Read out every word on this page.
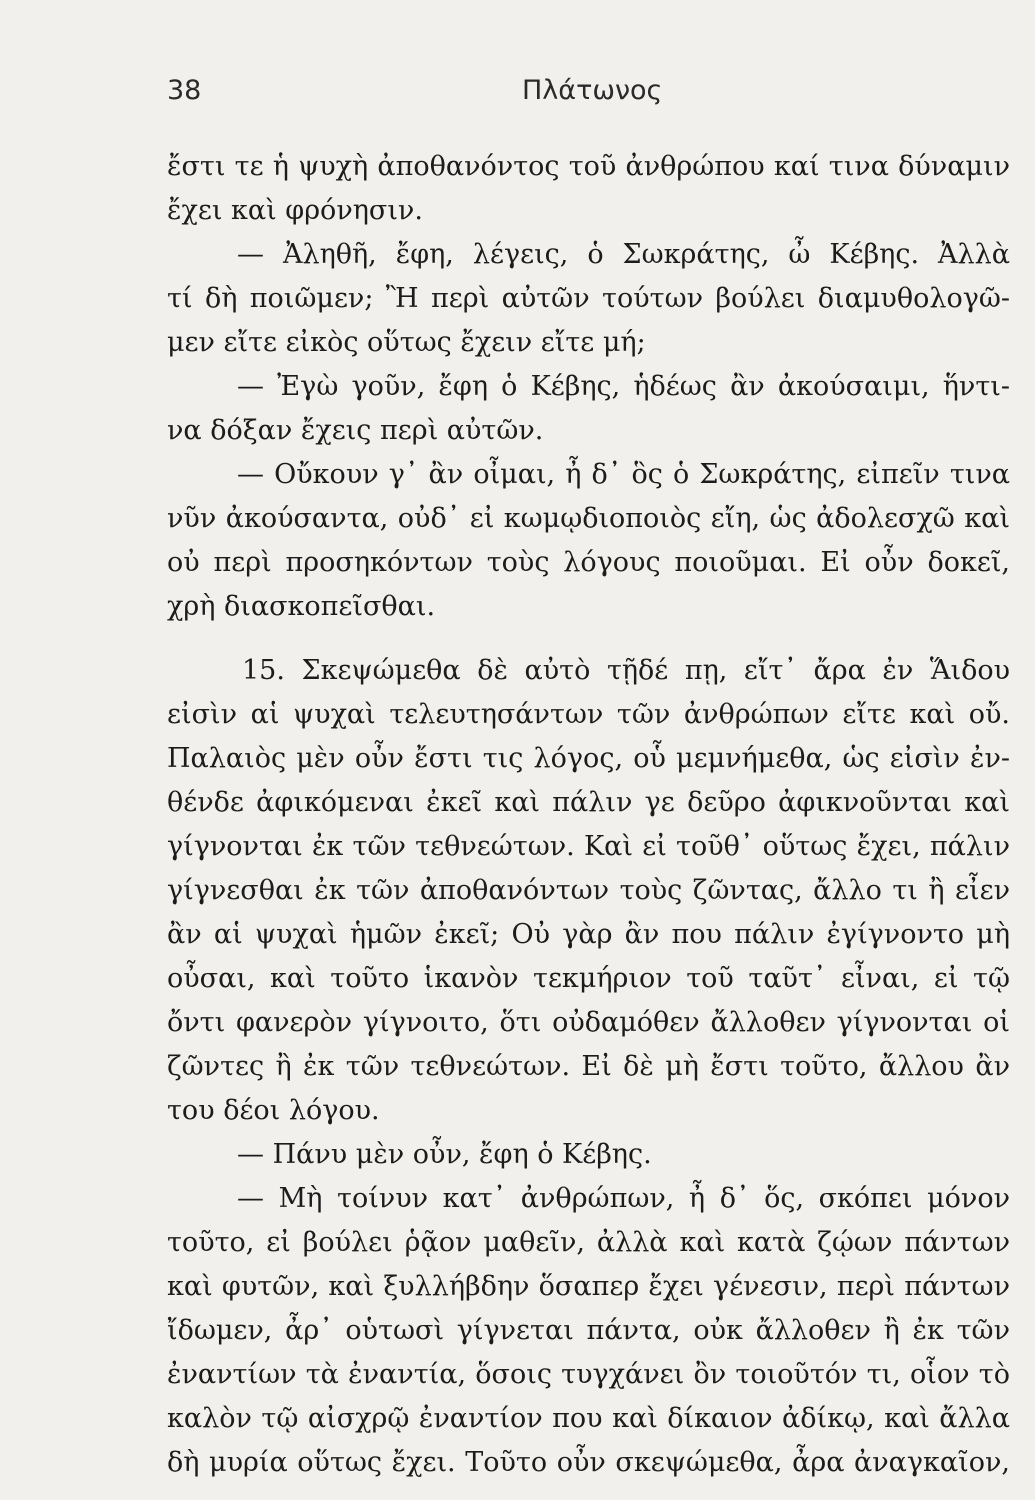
38	Πλάτωνος
ἔστι τε ἡ ψυχὴ ἀποθανόντος τοῦ ἀνθρώπου καί τινα δύναμιν
ἔχει καὶ φρόνησιν.
— Ἀληθῆ, ἔφη, λέγεις, ὁ Σωκράτης, ὦ Κέβης. Ἀλλὰ
τί δὴ ποιῶμεν; Ἢ περὶ αὐτῶν τούτων βούλει διαμυθολογῶ-
μεν εἴτε εἰκὸς οὕτως ἔχειν εἴτε μή;
— Ἐγὼ γοῦν, ἔφη ὁ Κέβης, ἡδέως ἂν ἀκούσαιμι, ἥντι-
να δόξαν ἔχεις περὶ αὐτῶν.
— Οὔκουν γ᾿ ἂν οἶμαι, ἦ δ᾿ ὃς ὁ Σωκράτης, εἰπεῖν τινα
νῦν ἀκούσαντα, οὐδ᾿ εἰ κωμῳδιοποιὸς εἴη, ὡς ἀδολεσχῶ καὶ
οὐ περὶ προσηκόντων τοὺς λόγους ποιοῦμαι. Εἰ οὖν δοκεῖ,
χρὴ διασκοπεῖσθαι.
15. Σκεψώμεθα δὲ αὐτὸ τῇδέ πῃ, εἴτ᾿ ἄρα ἐν Ἅιδου
εἰσὶν αἱ ψυχαὶ τελευτησάντων τῶν ἀνθρώπων εἴτε καὶ οὔ.
Παλαιὸς μὲν οὖν ἔστι τις λόγος, οὗ μεμνήμεθα, ὡς εἰσὶν ἐν-
θένδε ἀφικόμεναι ἐκεῖ καὶ πάλιν γε δεῦρο ἀφικνοῦνται καὶ
γίγνονται ἐκ τῶν τεθνεώτων. Καὶ εἰ τοῦθ᾿ οὕτως ἔχει, πάλιν
γίγνεσθαι ἐκ τῶν ἀποθανόντων τοὺς ζῶντας, ἄλλο τι ἢ εἶεν
ἂν αἱ ψυχαὶ ἡμῶν ἐκεῖ; Οὐ γὰρ ἂν που πάλιν ἐγίγνοντο μὴ
οὖσαι, καὶ τοῦτο ἱκανὸν τεκμήριον τοῦ ταῦτ᾿ εἶναι, εἰ τῷ
ὄντι φανερὸν γίγνοιτο, ὅτι οὐδαμόθεν ἄλλοθεν γίγνονται οἱ
ζῶντες ἢ ἐκ τῶν τεθνεώτων. Εἰ δὲ μὴ ἔστι τοῦτο, ἄλλου ἂν
του δέοι λόγου.
— Πάνυ μὲν οὖν, ἔφη ὁ Κέβης.
— Μὴ τοίνυν κατ᾿ ἀνθρώπων, ἦ δ᾿ ὅς, σκόπει μόνον
τοῦτο, εἰ βούλει ῥᾷον μαθεῖν, ἀλλὰ καὶ κατὰ ζῴων πάντων
καὶ φυτῶν, καὶ ξυλλήβδην ὅσαπερ ἔχει γένεσιν, περὶ πάντων
ἴδωμεν, ἆρ᾿ οὑτωσὶ γίγνεται πάντα, οὐκ ἄλλοθεν ἢ ἐκ τῶν
ἐναντίων τὰ ἐναντία, ὅσοις τυγχάνει ὂν τοιοῦτόν τι, οἷον τὸ
καλὸν τῷ αἰσχρῷ ἐναντίον που καὶ δίκαιον ἀδίκῳ, καὶ ἄλλα
δὴ μυρία οὕτως ἔχει. Τοῦτο οὖν σκεψώμεθα, ἆρα ἀναγκαῖον,
